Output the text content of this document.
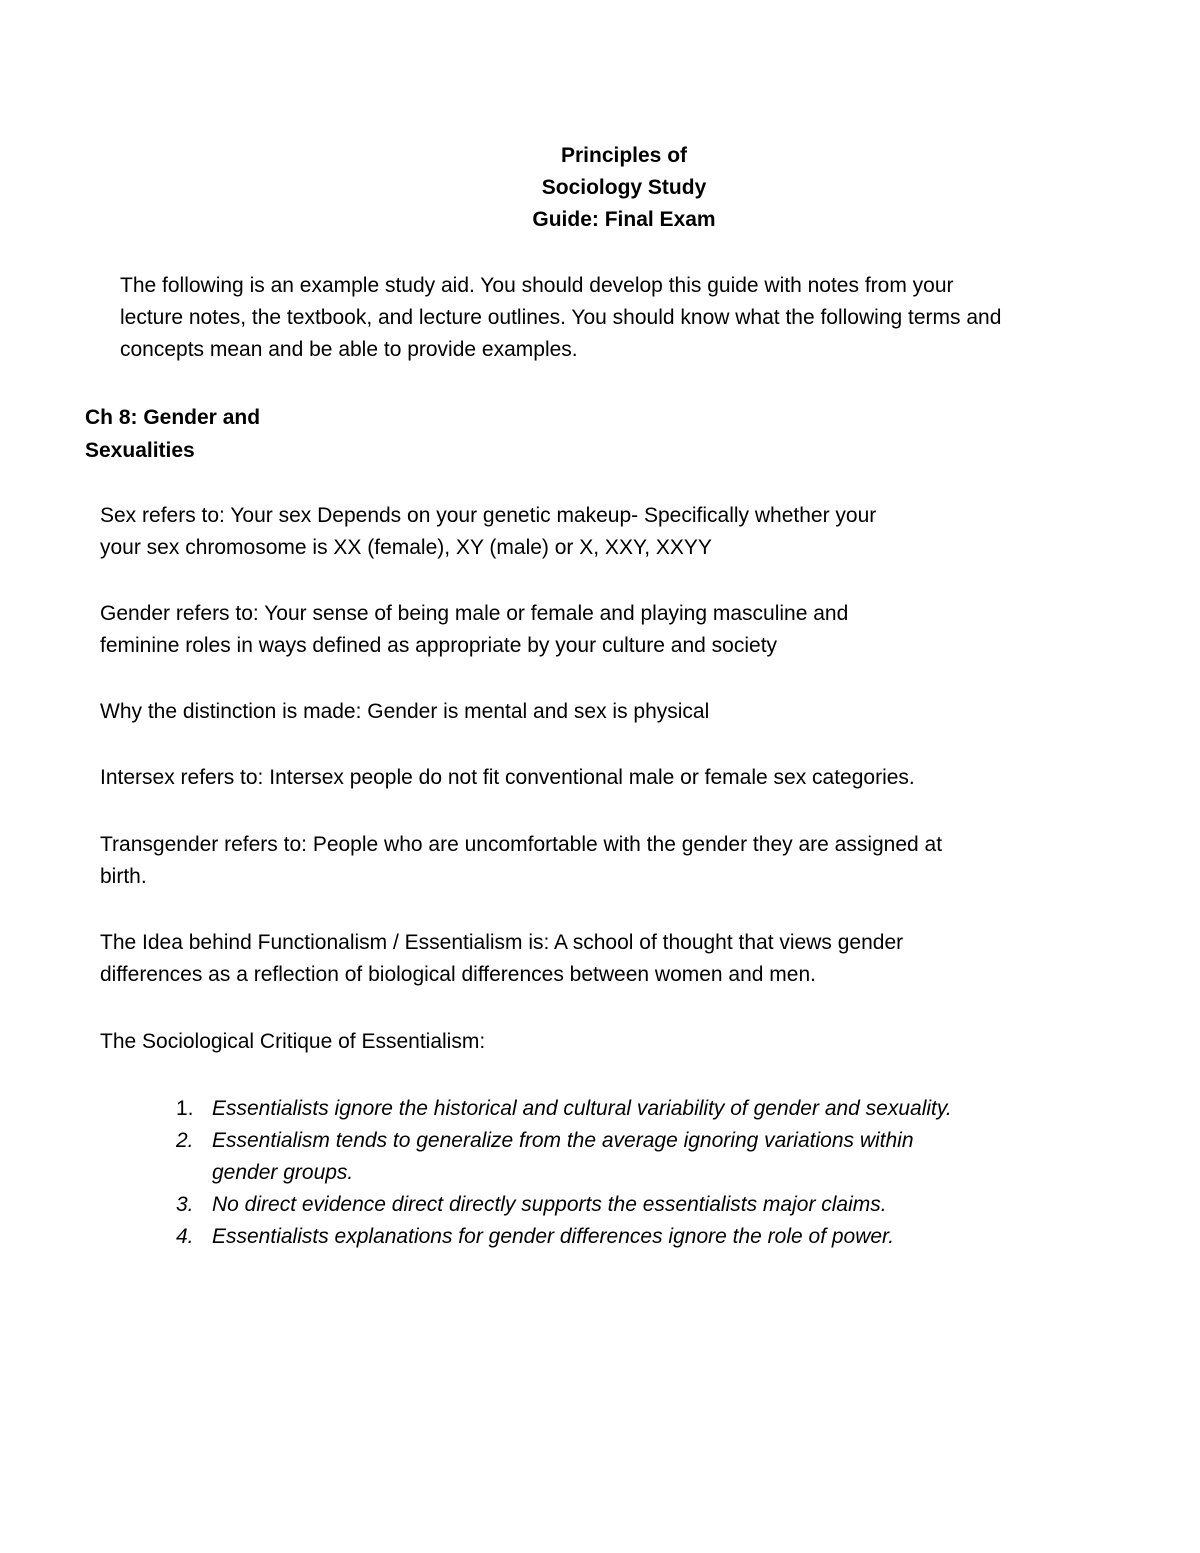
Principles of
Sociology Study
Guide: Final Exam
The following is an example study aid. You should develop this guide with notes from your
lecture notes, the textbook, and lecture outlines. You should know what the following terms and
concepts mean and be able to provide examples.
Ch 8: Gender and
Sexualities
Sex refers to: Your sex Depends on your genetic makeup- Specifically whether your
your sex chromosome is XX (female), XY (male) or X, XXY, XXYY
Gender refers to: Your sense of being male or female and playing masculine and
feminine roles in ways defined as appropriate by your culture and society
Why the distinction is made: Gender is mental and sex is physical
Intersex refers to: Intersex people do not fit conventional male or female sex categories.
Transgender refers to: People who are uncomfortable with the gender they are assigned at
birth.
The Idea behind Functionalism / Essentialism is: A school of thought that views gender
differences as a reflection of biological differences between women and men.
The Sociological Critique of Essentialism:
1. Essentialists ignore the historical and cultural variability of gender and sexuality.
2. Essentialism tends to generalize from the average ignoring variations within
gender groups.
3. No direct evidence direct directly supports the essentialists major claims.
4. Essentialists explanations for gender differences ignore the role of power.
